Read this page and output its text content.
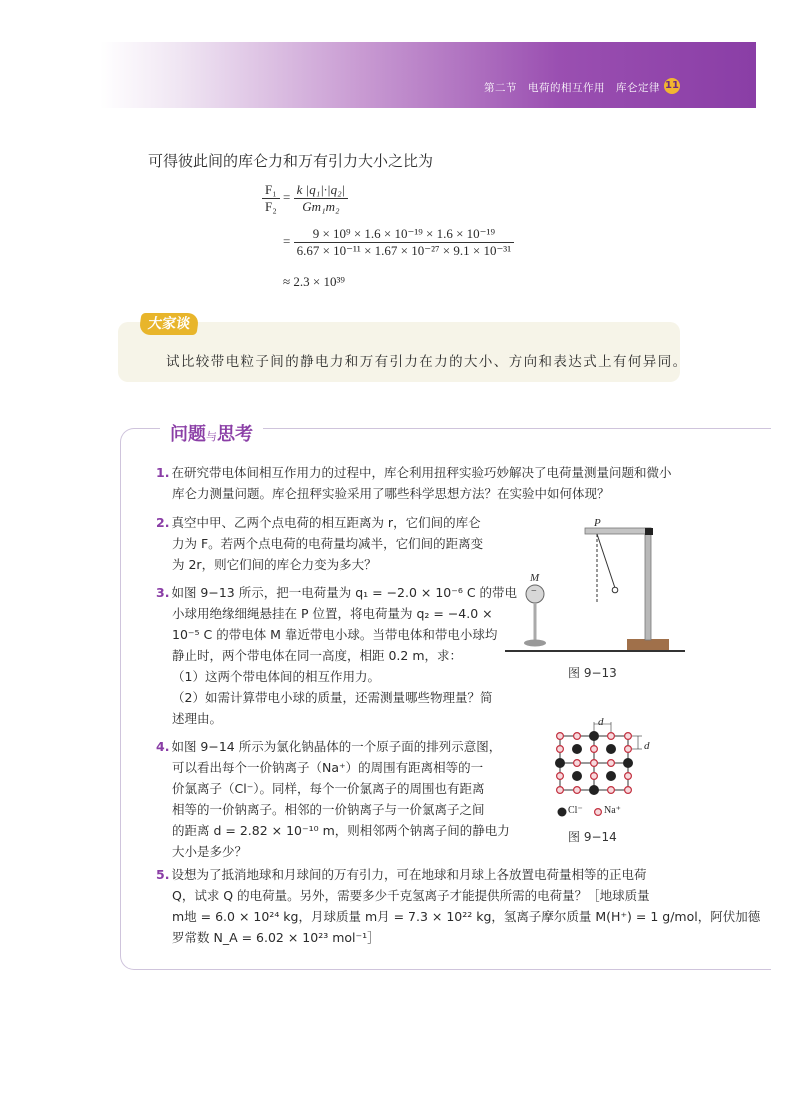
第二节　电荷的相互作用　库仑定律 11
可得彼此间的库仑力和万有引力大小之比为
$\frac{\text{F₁}}{\text{F₂}} = \frac{\text{k |q₁|·|q₂|}}{\text{Gm₁m₂}}$
= $\frac{\text{9 × 10⁹ × 1.6 × 10⁻¹⁹ × 1.6 × 10⁻¹⁹}}{\text{6.67 × 10⁻¹¹ × 1.67 × 10⁻²⁷ × 9.1 × 10⁻³¹}}$
≈ 2.3 × 10³⁹
大家谈
试比较带电粒子间的静电力和万有引力在力的大小、方向和表达式上有何异同。
问题与思考
1. 在研究带电体间相互作用力的过程中，库仑利用扭秤实验巧妙解决了电荷量测量问题和微小
库仑力测量问题。库仑扭秤实验采用了哪些科学思想方法？在实验中如何体现？
2. 真空中甲、乙两个点电荷的相互距离为 r，它们间的库仑
力为 F。若两个点电荷的电荷量均减半，它们间的距离变
为 2r，则它们间的库仑力变为多大？
3. 如图 9−13 所示，把一电荷量为 q₁ = −2.0 × 10⁻⁶ C 的带电
小球用绝缘细绳悬挂在 P 位置，将电荷量为 q₂ = −4.0 ×
10⁻⁵ C 的带电体 M 靠近带电小球。当带电体和带电小球均
静止时，两个带电体在同一高度，相距 0.2 m，求：
（1）这两个带电体间的相互作用力。
（2）如需计算带电小球的质量，还需测量哪些物理量？简
述理由。
4. 如图 9−14 所示为氯化钠晶体的一个原子面的排列示意图，
可以看出每个一价钠离子（Na⁺）的周围有距离相等的一
价氯离子（Cl⁻）。同样，每个一价氯离子的周围也有距离
相等的一价钠离子。相邻的一价钠离子与一价氯离子之间
的距离 d = 2.82 × 10⁻¹⁰ m，则相邻两个钠离子间的静电力
大小是多少？
5. 设想为了抵消地球和月球间的万有引力，可在地球和月球上各放置电荷量相等的正电荷
Q，试求 Q 的电荷量。另外，需要多少千克氢离子才能提供所需的电荷量？［地球质量
m地 = 6.0 × 10²⁴ kg，月球质量 m月 = 7.3 × 10²² kg，氢离子摩尔质量 M(H⁺) = 1 g/mol，阿伏加德
罗常数 N_A = 6.02 × 10²³ mol⁻¹］
P
M
−
图 9−13
d
d
Cl⁻ Na⁺
图 9−14
